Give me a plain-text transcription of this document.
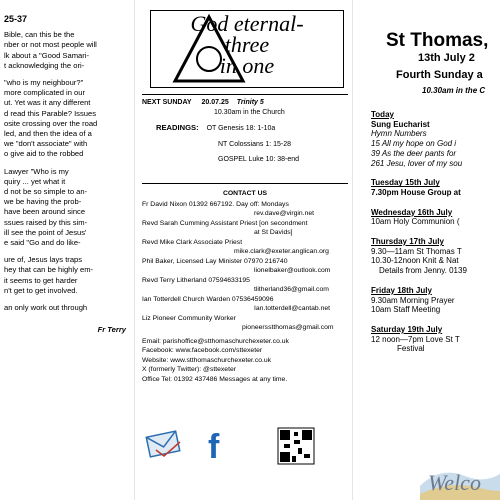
25-37
Bible, can this be the
nber or not most people will
lk about a "Good Samari-
t acknowledging the ori-
"who is my neighbour?"
more complicated in our
ut. Yet was it any different
d read this Parable? Issues
osite crossing over the road
led, and then the idea of a
we "don't associate" with
o give aid to the robbed
Lawyer "Who is my
quiry ... yet what it
d not be so simple to an-
we be having the prob-
have been around since
ssues raised by this sim-
ill see the point of Jesus'
e said "Go and do like-
ure of, Jesus lays traps
hey that can be highly em-
it seems to get harder
n't get to get involved.
an only work out through
Fr Terry
God eternal-
three
in one
NEXT SUNDAY 20.07.25 Trinity 5
10.30am in the Church
READINGS: OT Genesis 18: 1-10a
NT Colossians 1: 15-28
GOSPEL Luke 10: 38-end
CONTACT US
Fr David Nixon 01392 667192. Day off: Mondays
rev.dave@virgin.net
Revd Sarah Cumming Assistant Priest [on secondment
at St Davids]
Revd Mike Clark Associate Priest
mike.clark@exeter.anglican.org
Phil Baker, Licensed Lay Minister 07970 216740
lionelbaker@outlook.com
Revd Terry Litherland 07594633195
tlitherland36@gmail.com
Ian Totterdell Church Warden 07536459096
Ian.totterdell@cantab.net
Liz Pioneer Community Worker
pioneersstthomas@gmail.com
Email: parishoffice@stthomaschurchexeter.co.uk
Facebook: www.facebook.com/sttexeter
Website: www.stthomaschurchexeter.co.uk
X (formerly Twitter): @sttexeter
Office Tel: 01392 437486 Messages at any time.
f
St Thomas,
13th July 2
Fourth Sunday a
10.30am in the C
Today
Sung Eucharist
Hymn Numbers
15 All my hope on God i
39 As the deer pants for
261 Jesu, lover of my sou
Tuesday 15th July
7.30pm House Group at
Wednesday 16th July
10am Holy Communion (
Thursday 17th July
9.30—11am St Thomas T
10.30-12noon Knit & Nat
Details from Jenny. 0139
Friday 18th July
9.30am Morning Prayer
10am Staff Meeting
Saturday 19th July
12 noon—7pm Love St T
Festival
Welco
